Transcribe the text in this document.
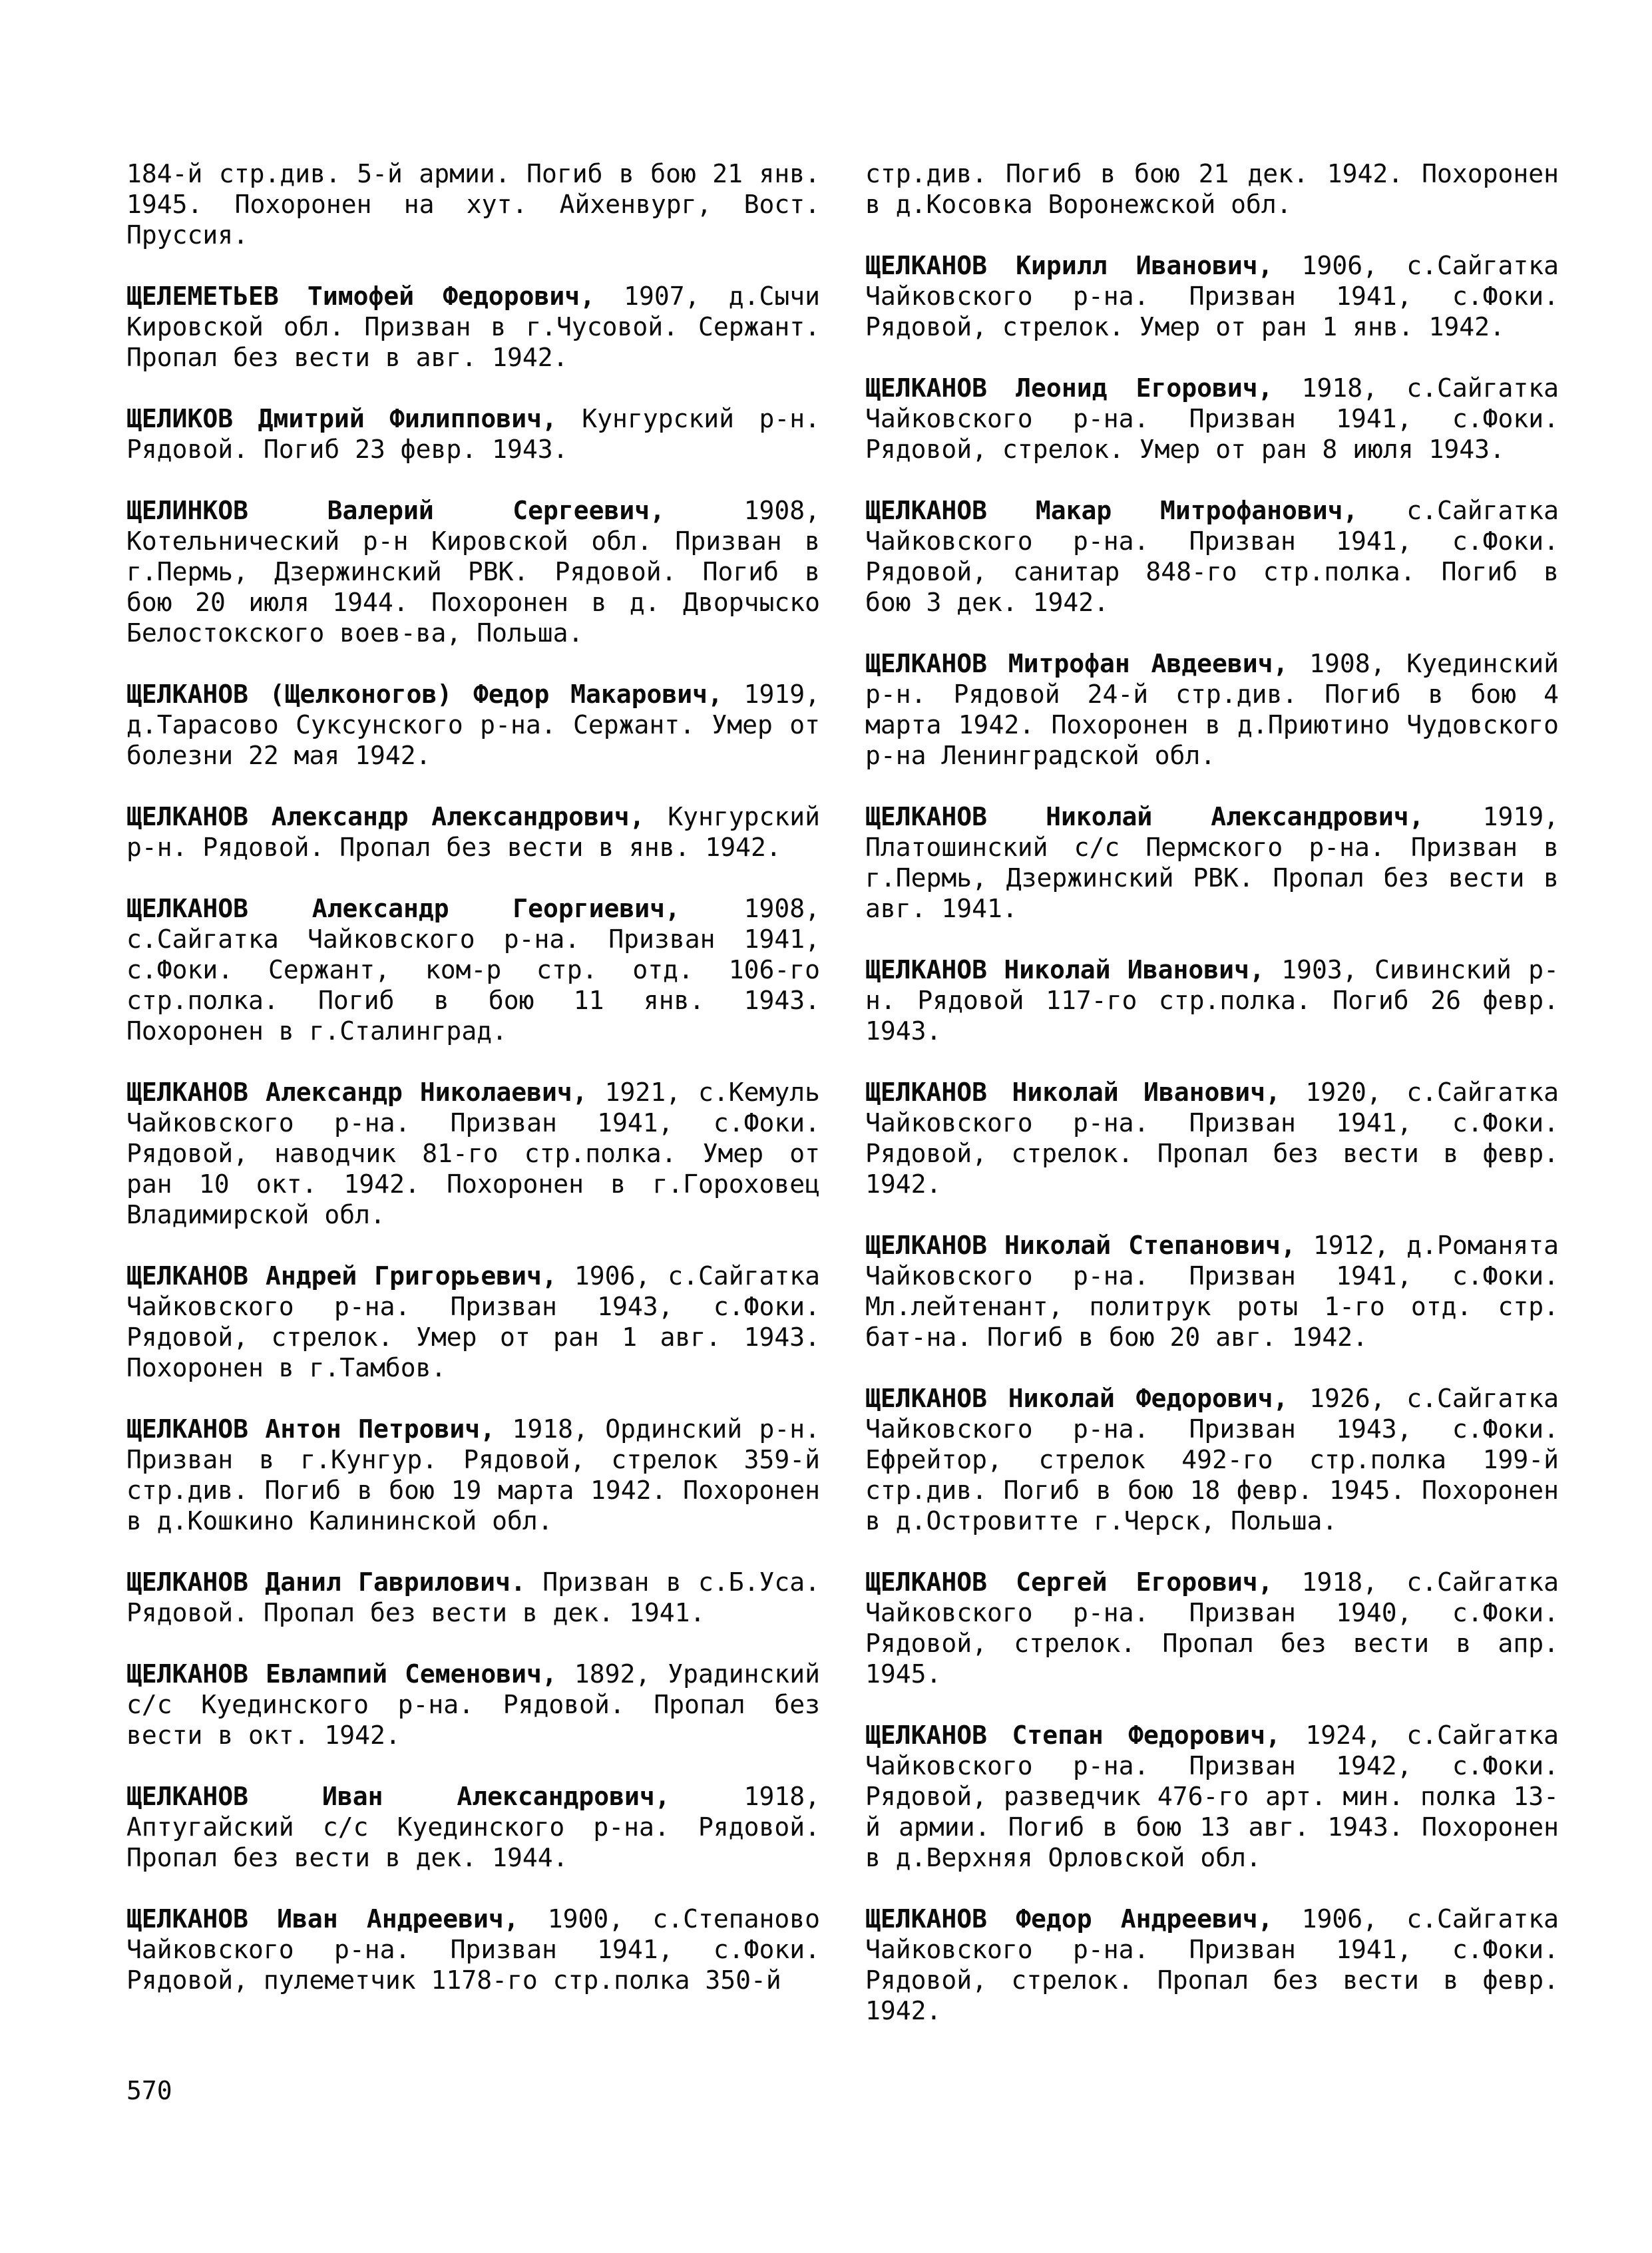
184-й стр.див. 5-й армии. Погиб в бою 21 янв. 1945. Похоронен на хут. Айхенвург, Вост. Пруссия.

ЩЕЛЕМЕТЬЕВ Тимофей Федорович, 1907, д.Сычи Кировской обл. Призван в г.Чусовой. Сержант. Пропал без вести в авг. 1942.

ЩЕЛИКОВ Дмитрий Филиппович, Кунгурский р-н. Рядовой. Погиб 23 февр. 1943.

ЩЕЛИНКОВ Валерий Сергеевич, 1908, Котельнический р-н Кировской обл. Призван в г.Пермь, Дзержинский РВК. Рядовой. Погиб в бою 20 июля 1944. Похоронен в д. Дворчыско Белостокского воев-ва, Польша.

ЩЕЛКАНОВ (Щелконогов) Федор Макарович, 1919, д.Тарасово Суксунского р-на. Сержант. Умер от болезни 22 мая 1942.

ЩЕЛКАНОВ Александр Александрович, Кунгурский р-н. Рядовой. Пропал без вести в янв. 1942.

ЩЕЛКАНОВ Александр Георгиевич, 1908, с.Сайгатка Чайковского р-на. Призван 1941, с.Фоки. Сержант, ком-р стр. отд. 106-го стр.полка. Погиб в бою 11 янв. 1943. Похоронен в г.Сталинград.

ЩЕЛКАНОВ Александр Николаевич, 1921, с.Кемуль Чайковского р-на. Призван 1941, с.Фоки. Рядовой, наводчик 81-го стр.полка. Умер от ран 10 окт. 1942. Похоронен в г.Гороховец Владимирской обл.

ЩЕЛКАНОВ Андрей Григорьевич, 1906, с.Сайгатка Чайковского р-на. Призван 1943, с.Фоки. Рядовой, стрелок. Умер от ран 1 авг. 1943. Похоронен в г.Тамбов.

ЩЕЛКАНОВ Антон Петрович, 1918, Ординский р-н. Призван в г.Кунгур. Рядовой, стрелок 359-й стр.див. Погиб в бою 19 марта 1942. Похоронен в д.Кошкино Калининской обл.

ЩЕЛКАНОВ Данил Гаврилович. Призван в с.Б.Уса. Рядовой. Пропал без вести в дек. 1941.

ЩЕЛКАНОВ Евлампий Семенович, 1892, Урадинский с/с Куединского р-на. Рядовой. Пропал без вести в окт. 1942.

ЩЕЛКАНОВ Иван Александрович, 1918, Аптугайский с/с Куединского р-на. Рядовой. Пропал без вести в дек. 1944.

ЩЕЛКАНОВ Иван Андреевич, 1900, с.Степаново Чайковского р-на. Призван 1941, с.Фоки. Рядовой, пулеметчик 1178-го стр.полка 350-й

стр.див. Погиб в бою 21 дек. 1942. Похоронен в д.Косовка Воронежской обл.

ЩЕЛКАНОВ Кирилл Иванович, 1906, с.Сайгатка Чайковского р-на. Призван 1941, с.Фоки. Рядовой, стрелок. Умер от ран 1 янв. 1942.

ЩЕЛКАНОВ Леонид Егорович, 1918, с.Сайгатка Чайковского р-на. Призван 1941, с.Фоки. Рядовой, стрелок. Умер от ран 8 июля 1943.

ЩЕЛКАНОВ Макар Митрофанович, с.Сайгатка Чайковского р-на. Призван 1941, с.Фоки. Рядовой, санитар 848-го стр.полка. Погиб в бою 3 дек. 1942.

ЩЕЛКАНОВ Митрофан Авдеевич, 1908, Куединский р-н. Рядовой 24-й стр.див. Погиб в бою 4 марта 1942. Похоронен в д.Приютино Чудовского р-на Ленинградской обл.

ЩЕЛКАНОВ Николай Александрович, 1919, Платошинский с/с Пермского р-на. Призван в г.Пермь, Дзержинский РВК. Пропал без вести в авг. 1941.

ЩЕЛКАНОВ Николай Иванович, 1903, Сивинский р-н. Рядовой 117-го стр.полка. Погиб 26 февр. 1943.

ЩЕЛКАНОВ Николай Иванович, 1920, с.Сайгатка Чайковского р-на. Призван 1941, с.Фоки. Рядовой, стрелок. Пропал без вести в февр. 1942.

ЩЕЛКАНОВ Николай Степанович, 1912, д.Романята Чайковского р-на. Призван 1941, с.Фоки. Мл.лейтенант, политрук роты 1-го отд. стр. бат-на. Погиб в бою 20 авг. 1942.

ЩЕЛКАНОВ Николай Федорович, 1926, с.Сайгатка Чайковского р-на. Призван 1943, с.Фоки. Ефрейтор, стрелок 492-го стр.полка 199-й стр.див. Погиб в бою 18 февр. 1945. Похоронен в д.Островитте г.Черск, Польша.

ЩЕЛКАНОВ Сергей Егорович, 1918, с.Сайгатка Чайковского р-на. Призван 1940, с.Фоки. Рядовой, стрелок. Пропал без вести в апр. 1945.

ЩЕЛКАНОВ Степан Федорович, 1924, с.Сайгатка Чайковского р-на. Призван 1942, с.Фоки. Рядовой, разведчик 476-го арт. мин. полка 13-й армии. Погиб в бою 13 авг. 1943. Похоронен в д.Верхняя Орловской обл.

ЩЕЛКАНОВ Федор Андреевич, 1906, с.Сайгатка Чайковского р-на. Призван 1941, с.Фоки. Рядовой, стрелок. Пропал без вести в февр. 1942.

570
